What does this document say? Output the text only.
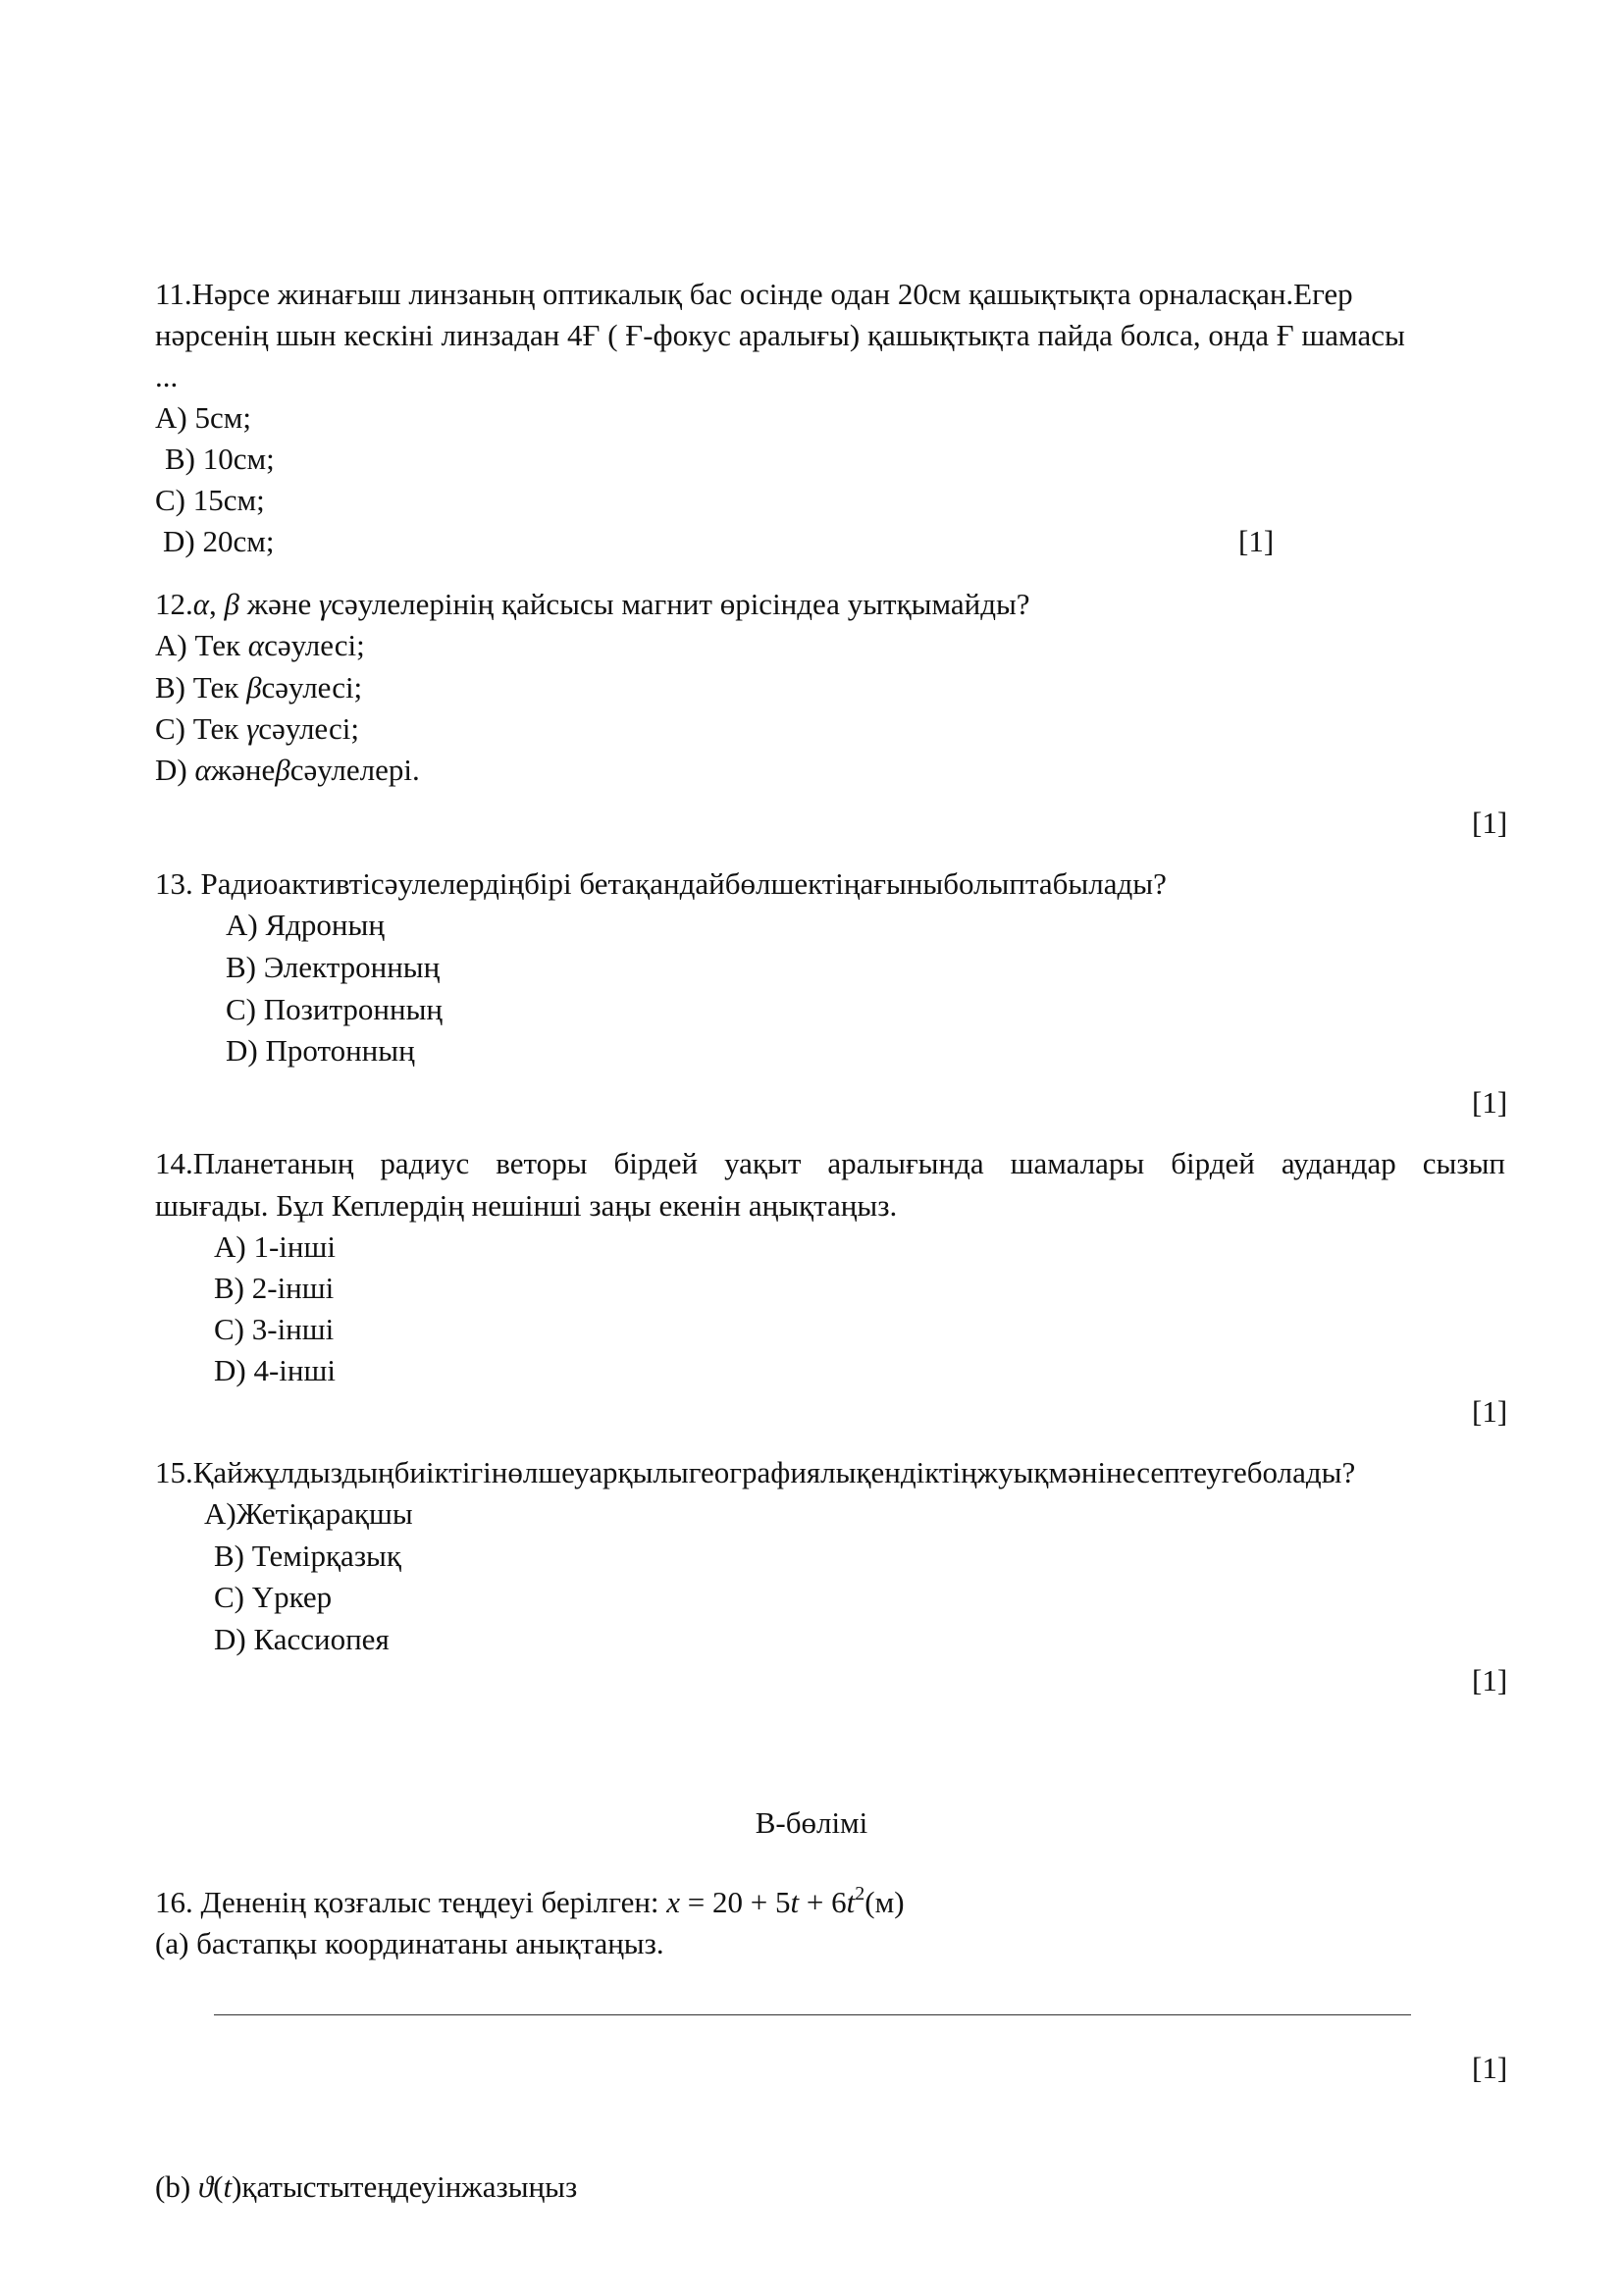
11.Нәрсе жинағыш линзаның оптикалық бас осінде одан 20см қашықтықта орналасқан.Егер
нәрсенің шын кескіні линзадан 4Ғ ( Ғ-фокус аралығы) қашықтықта пайда болса, онда Ғ шамасы
...
A) 5см;
B) 10см;
C) 15см;
D) 20см;	[1]
12.α, β және γсәулелерінің қайсысы магнит өрісіндеа уытқымайды?
A) Тек αсәулесі;
B) Тек βсәулесі;
C) Тек γсәулесі;
D) αжәнеβсәулелері.
[1]
13. Радиоактивтісәулелердіңбірі бетақандайбөлшектіңағыныболыптабылады?
A) Ядроның
B) Электронның
C) Позитронның
D) Протонның
[1]
14.Планетаның радиус веторы бірдей уақыт аралығында шамалары бірдей аудандар сызып
шығады. Бұл Кеплердің нешінші заңы екенін аңықтаңыз.
A) 1-інші
B) 2-інші
C) 3-інші
D) 4-інші
[1]
15.Қайжұлдыздыңбиіктігінөлшеуарқылыгеографиялықендіктіңжуықмәнінесептеугеболады?
A)Жетіқарақшы
B) Темірқазық
C) Үркер
D) Кассиопея
[1]
B-бөлімі
16. Дененің қозғалыс теңдеуі берілген: $x = 20 + 5t + 6t^2(м)$
(a) бастапқы координатаны анықтаңыз.
[1]
(b) ϑ(t)қатыстытеңдеуінжазыңыз
